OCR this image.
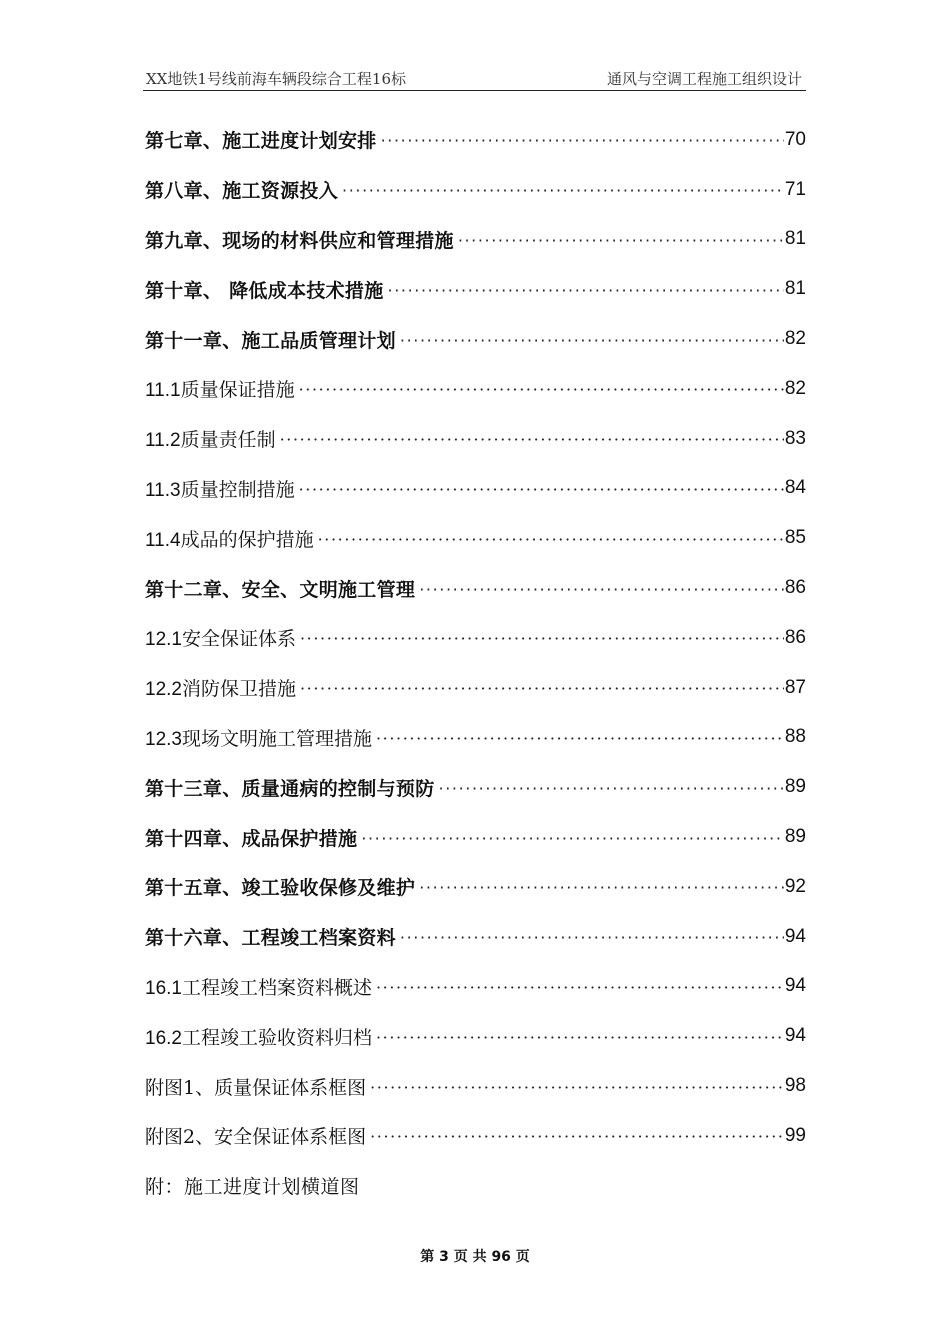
XX地铁1号线前海车辆段综合工程16标	通风与空调工程施工组织设计
第七章、施工进度计划安排 ·····	70
第八章、施工资源投入 ·····	71
第九章、现场的材料供应和管理措施 ·····	81
第十章、 降低成本技术措施 ·····	81
第十一章、施工品质管理计划 ·····	82
11.1质量保证措施 ·····	82
11.2质量责任制 ·····	83
11.3质量控制措施 ·····	84
11.4成品的保护措施 ·····	85
第十二章、安全、文明施工管理 ·····	86
12.1安全保证体系 ·····	86
12.2消防保卫措施 ·····	87
12.3现场文明施工管理措施 ·····	88
第十三章、质量通病的控制与预防 ·····	89
第十四章、成品保护措施 ·····	89
第十五章、竣工验收保修及维护 ·····	92
第十六章、工程竣工档案资料 ·····	94
16.1工程竣工档案资料概述 ·····	94
16.2工程竣工验收资料归档 ·····	94
附图1、质量保证体系框图 ·····	98
附图2、安全保证体系框图 ·····	99
附：施工进度计划横道图
第 3 页 共 96 页
